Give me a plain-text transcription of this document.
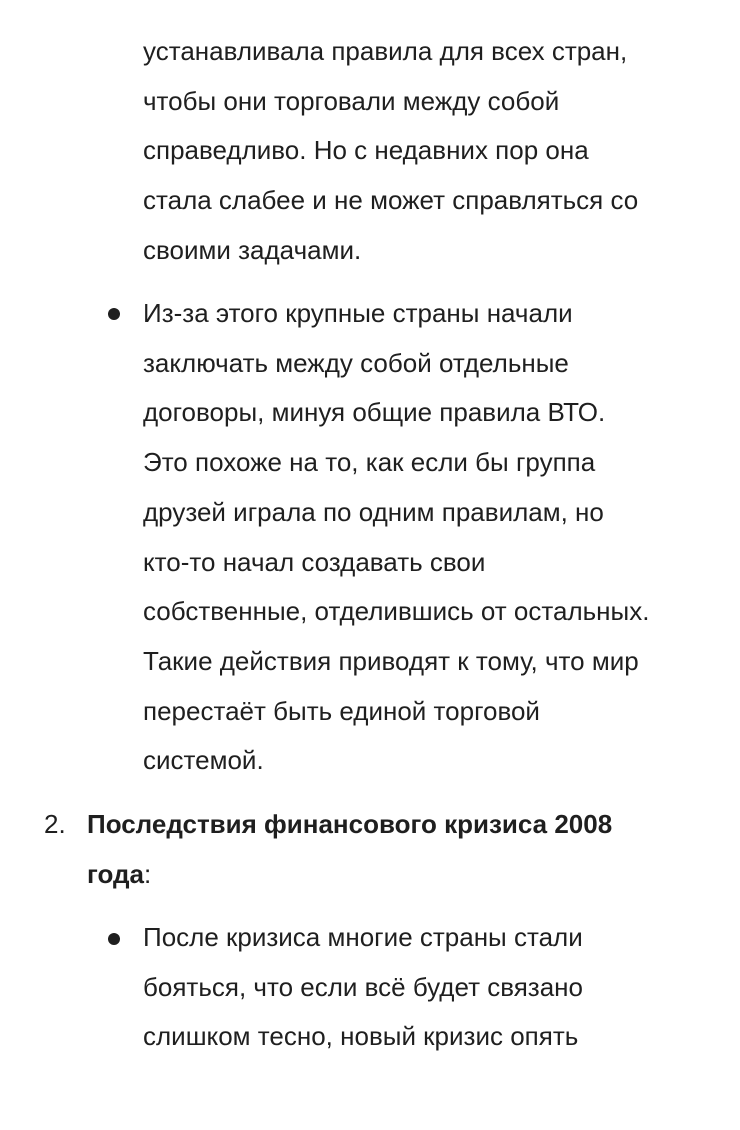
устанавливала правила для всех стран,
чтобы они торговали между собой
справедливо. Но с недавних пор она
стала слабее и не может справляться со
своими задачами.
Из-за этого крупные страны начали
заключать между собой отдельные
договоры, минуя общие правила ВТО.
Это похоже на то, как если бы группа
друзей играла по одним правилам, но
кто-то начал создавать свои
собственные, отделившись от остальных.
Такие действия приводят к тому, что мир
перестаёт быть единой торговой
системой.
2. Последствия финансового кризиса 2008
года:
После кризиса многие страны стали
бояться, что если всё будет связано
слишком тесно, новый кризис опять
